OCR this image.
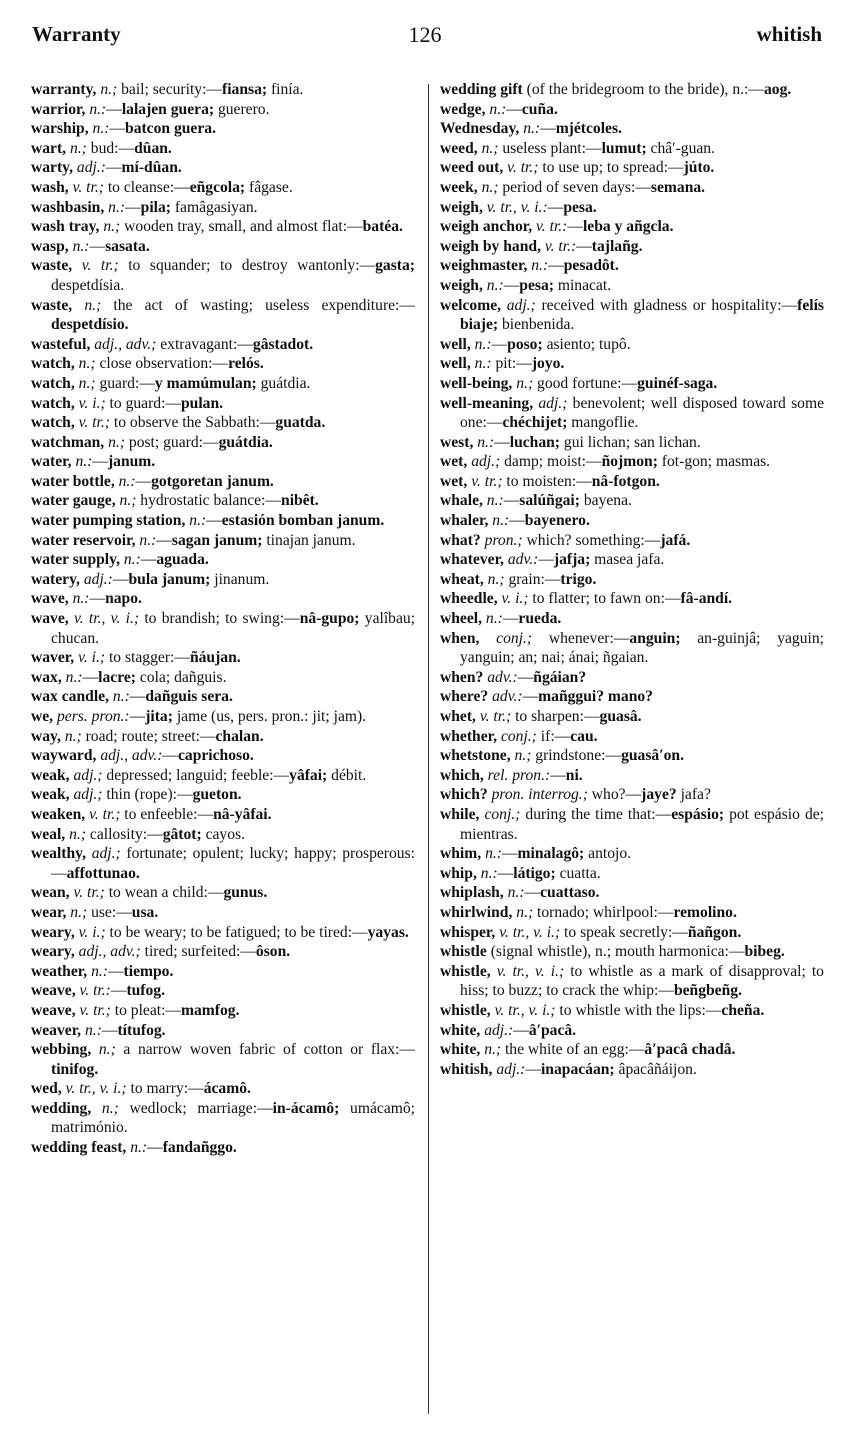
Warranty	126	whitish

warranty, n.; bail; security:—fiansa; finía.

warrior, n.:—lalajen guera; guerero.

warship, n.:—batcon guera.

wart, n.; bud:—dûan.

warty, adj.:—mí-dûan.

wash, v. tr.; to cleanse:—eñgcola; fâgase.

washbasin, n.:—pila; famâgasiyan.

wash tray, n.; wooden tray, small, and almost flat:—batéa.

wasp, n.:—sasata.

waste, v. tr.; to squander; to destroy wantonly:—gasta; despetdísia.

waste, n.; the act of wasting; useless expenditure:—despetdísio.

wasteful, adj., adv.; extravagant:—gâstadot.

watch, n.; close observation:—relós.

watch, n.; guard:—y mamúmulan; guátdia.

watch, v. i.; to guard:—pulan.

watch, v. tr.; to observe the Sabbath:—guatda.

watchman, n.; post; guard:—guátdia.

water, n.:—janum.

water bottle, n.:—gotgoretan janum.

water gauge, n.; hydrostatic balance:—nibêt.

water pumping station, n.:—estasión bomban janum.

water reservoir, n.:—sagan janum; tinajan janum.

water supply, n.:—aguada.

watery, adj.:—bula janum; jinanum.

wave, n.:—napo.

wave, v. tr., v. i.; to brandish; to swing:—nâ-gupo; yalîbau; chucan.

waver, v. i.; to stagger:—ñáujan.

wax, n.:—lacre; cola; dañguis.

wax candle, n.:—dañguis sera.

we, pers. pron.:—jita; jame (us, pers. pron.: jit; jam).

way, n.; road; route; street:—chalan.

wayward, adj., adv.:—caprichoso.

weak, adj.; depressed; languid; feeble:—yâfai; débit.

weak, adj.; thin (rope):—gueton.

weaken, v. tr.; to enfeeble:—nâ-yâfai.

weal, n.; callosity:—gâtot; cayos.

wealthy, adj.; fortunate; opulent; lucky; happy; prosperous:—affottunao.

wean, v. tr.; to wean a child:—gunus.

wear, n.; use:—usa.

weary, v. i.; to be weary; to be fatigued; to be tired:—yayas.

weary, adj., adv.; tired; surfeited:—ôson.

weather, n.:—tiempo.

weave, v. tr.:—tufog.

weave, v. tr.; to pleat:—mamfog.

weaver, n.:—títufog.

webbing, n.; a narrow woven fabric of cotton or flax:—tinifog.

wed, v. tr., v. i.; to marry:—ácamô.

wedding, n.; wedlock; marriage:—in-ácamô; umácamô; matrimónio.

wedding feast, n.:—fandañggo.

wedding gift (of the bridegroom to the bride), n.:—aog.

wedge, n.:—cuña.

Wednesday, n.:—mjétcoles.

weed, n.; useless plant:—lumut; châ′-guan.

weed out, v. tr.; to use up; to spread:—júto.

week, n.; period of seven days:—semana.

weigh, v. tr., v. i.:—pesa.

weigh anchor, v. tr.:—leba y añgcla.

weigh by hand, v. tr.:—tajlañg.

weighmaster, n.:—pesadôt.

weigh, n.:—pesa; minacat.

welcome, adj.; received with gladness or hospitality:—felís biaje; bienbenida.

well, n.:—poso; asiento; tupô.

well, n.: pit:—joyo.

well-being, n.; good fortune:—guinéf-saga.

well-meaning, adj.; benevolent; well disposed toward some one:—chéchijet; mangoflie.

west, n.:—luchan; gui lichan; san lichan.

wet, adj.; damp; moist:—ñojmon; fot-gon; masmas.

wet, v. tr.; to moisten:—nâ-fotgon.

whale, n.:—salúñgai; bayena.

whaler, n.:—bayenero.

what? pron.; which? something:—jafá.

whatever, adv.:—jafja; masea jafa.

wheat, n.; grain:—trigo.

wheedle, v. i.; to flatter; to fawn on:—fâ-andí.

wheel, n.:—rueda.

when, conj.; whenever:—anguin; an-guinjâ; yaguin; yanguin; an; nai; ánai; ñgaian.

when? adv.:—ñgáian?

where? adv.:—mañggui? mano?

whet, v. tr.; to sharpen:—guasâ.

whether, conj.; if:—cau.

whetstone, n.; grindstone:—guasâ′on.

which, rel. pron.:—ni.

which? pron. interrog.; who?—jaye? jafa?

while, conj.; during the time that:—espásio; pot espásio de; mientras.

whim, n.:—minalagô; antojo.

whip, n.:—látigo; cuatta.

whiplash, n.:—cuattaso.

whirlwind, n.; tornado; whirlpool:—remolino.

whisper, v. tr., v. i.; to speak secretly:—ñañgon.

whistle (signal whistle), n.; mouth harmonica:—bibeg.

whistle, v. tr., v. i.; to whistle as a mark of disapproval; to hiss; to buzz; to crack the whip:—beñgbeñg.

whistle, v. tr., v. i.; to whistle with the lips:—cheña.

white, adj.:—â′pacâ.

white, n.; the white of an egg:—â′pacâ chadâ.

whitish, adj.:—inapacáan; âpacâñáijon.
